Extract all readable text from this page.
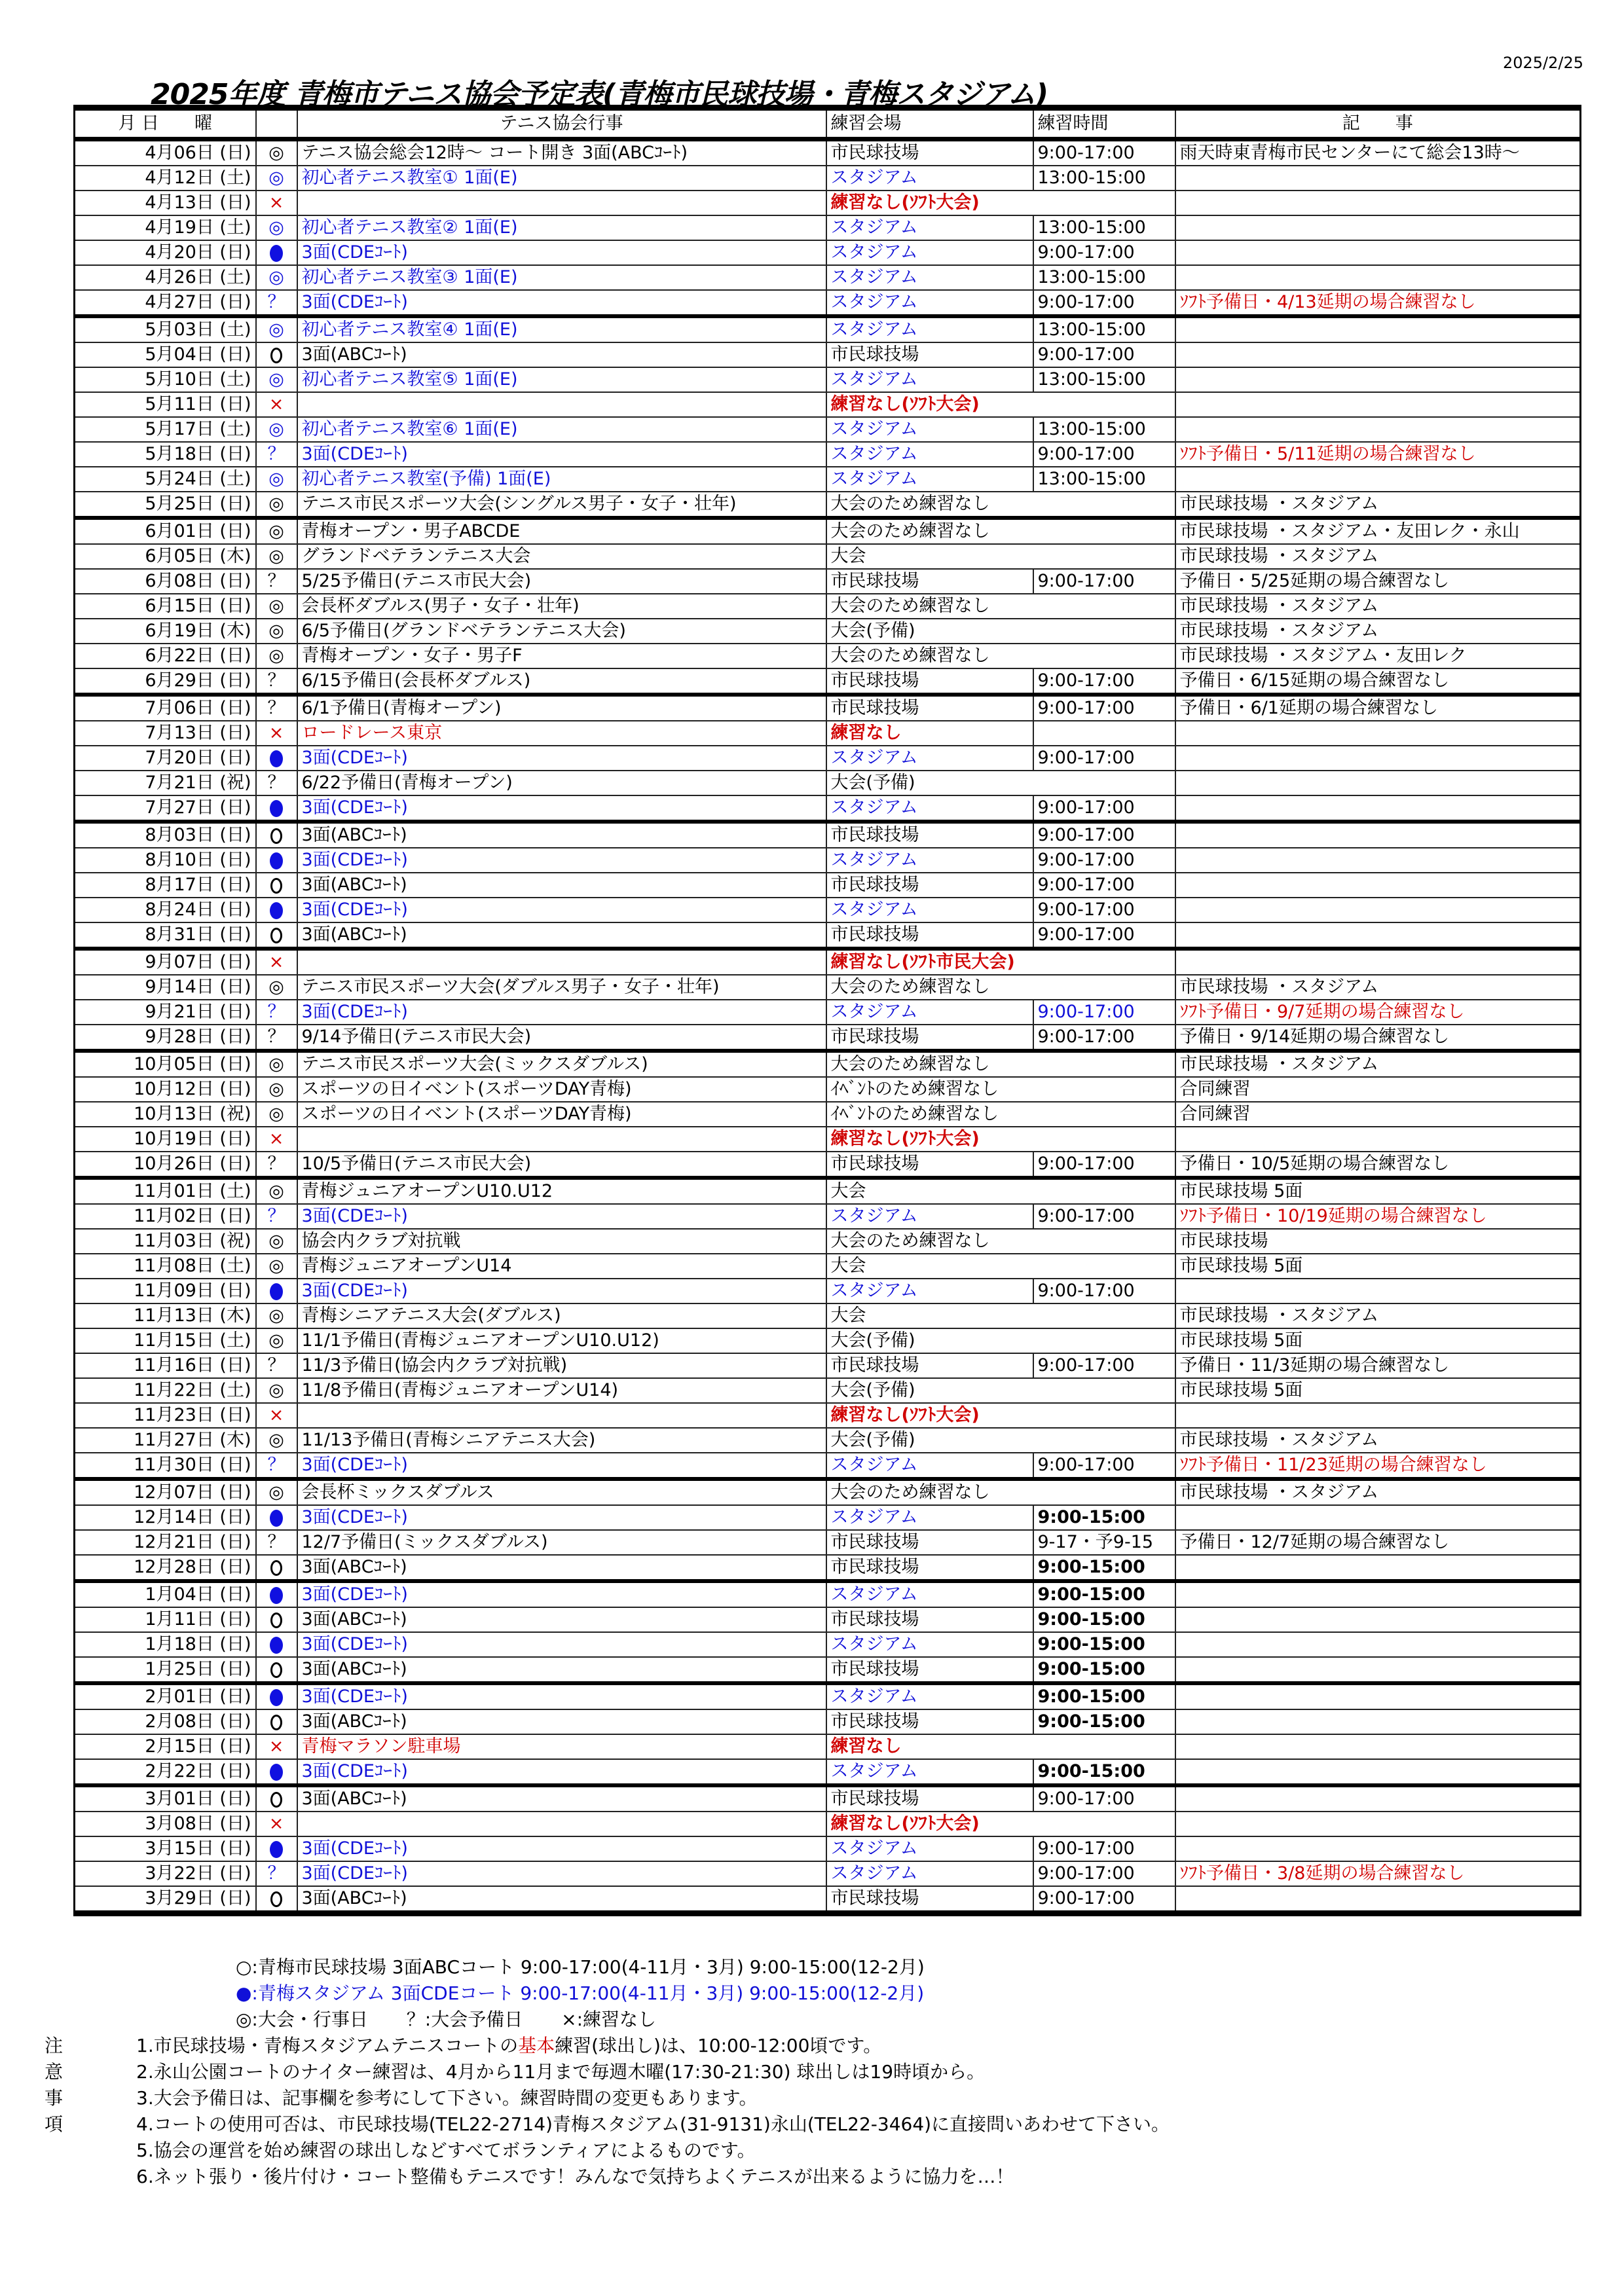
2025/2/25
2025年度 青梅市テニス協会予定表(青梅市民球技場・青梅スタジアム)
月 日　　曜		テニス協会行事	練習会場	練習時間	記　　事
4月06日 (日)	◎	テニス協会総会12時～ コート開き 3面(ABCｺｰﾄ)	市民球技場	9:00-17:00	雨天時東青梅市民センターにて総会13時～
4月12日 (土)	◎	初心者テニス教室① 1面(E)	スタジアム	13:00-15:00	
4月13日 (日)	×		練習なし(ｿﾌﾄ大会)		
4月19日 (土)	◎	初心者テニス教室② 1面(E)	スタジアム	13:00-15:00	
4月20日 (日)		3面(CDEｺｰﾄ)	スタジアム	9:00-17:00	
4月26日 (土)	◎	初心者テニス教室③ 1面(E)	スタジアム	13:00-15:00	
4月27日 (日)	？	3面(CDEｺｰﾄ)	スタジアム	9:00-17:00	ｿﾌﾄ予備日・4/13延期の場合練習なし
5月03日 (土)	◎	初心者テニス教室④ 1面(E)	スタジアム	13:00-15:00	
5月04日 (日)		3面(ABCｺｰﾄ)	市民球技場	9:00-17:00	
5月10日 (土)	◎	初心者テニス教室⑤ 1面(E)	スタジアム	13:00-15:00	
5月11日 (日)	×		練習なし(ｿﾌﾄ大会)		
5月17日 (土)	◎	初心者テニス教室⑥ 1面(E)	スタジアム	13:00-15:00	
5月18日 (日)	？	3面(CDEｺｰﾄ)	スタジアム	9:00-17:00	ｿﾌﾄ予備日・5/11延期の場合練習なし
5月24日 (土)	◎	初心者テニス教室(予備) 1面(E)	スタジアム	13:00-15:00	
5月25日 (日)	◎	テニス市民スポーツ大会(シングルス男子・女子・壮年)	大会のため練習なし		市民球技場 ・スタジアム
6月01日 (日)	◎	青梅オープン・男子ABCDE	大会のため練習なし		市民球技場 ・スタジアム・友田レク・永山
6月05日 (木)	◎	グランドベテランテニス大会	大会		市民球技場 ・スタジアム
6月08日 (日)	？	5/25予備日(テニス市民大会)	市民球技場	9:00-17:00	予備日・5/25延期の場合練習なし
6月15日 (日)	◎	会長杯ダブルス(男子・女子・壮年)	大会のため練習なし		市民球技場 ・スタジアム
6月19日 (木)	◎	6/5予備日(グランドベテランテニス大会)	大会(予備)		市民球技場 ・スタジアム
6月22日 (日)	◎	青梅オープン・女子・男子F	大会のため練習なし		市民球技場 ・スタジアム・友田レク
6月29日 (日)	？	6/15予備日(会長杯ダブルス)	市民球技場	9:00-17:00	予備日・6/15延期の場合練習なし
7月06日 (日)	？	6/1予備日(青梅オープン)	市民球技場	9:00-17:00	予備日・6/1延期の場合練習なし
7月13日 (日)	×	ロードレース東京	練習なし		
7月20日 (日)		3面(CDEｺｰﾄ)	スタジアム	9:00-17:00	
7月21日 (祝)	？	6/22予備日(青梅オープン)	大会(予備)		
7月27日 (日)		3面(CDEｺｰﾄ)	スタジアム	9:00-17:00	
8月03日 (日)		3面(ABCｺｰﾄ)	市民球技場	9:00-17:00	
8月10日 (日)		3面(CDEｺｰﾄ)	スタジアム	9:00-17:00	
8月17日 (日)		3面(ABCｺｰﾄ)	市民球技場	9:00-17:00	
8月24日 (日)		3面(CDEｺｰﾄ)	スタジアム	9:00-17:00	
8月31日 (日)		3面(ABCｺｰﾄ)	市民球技場	9:00-17:00	
9月07日 (日)	×		練習なし(ｿﾌﾄ市民大会)		
9月14日 (日)	◎	テニス市民スポーツ大会(ダブルス男子・女子・壮年)	大会のため練習なし		市民球技場 ・スタジアム
9月21日 (日)	？	3面(CDEｺｰﾄ)	スタジアム	9:00-17:00	ｿﾌﾄ予備日・9/7延期の場合練習なし
9月28日 (日)	？	9/14予備日(テニス市民大会)	市民球技場	9:00-17:00	予備日・9/14延期の場合練習なし
10月05日 (日)	◎	テニス市民スポーツ大会(ミックスダブルス)	大会のため練習なし		市民球技場 ・スタジアム
10月12日 (日)	◎	スポーツの日イベント(スポーツDAY青梅)	ｲﾍﾞﾝﾄのため練習なし		合同練習
10月13日 (祝)	◎	スポーツの日イベント(スポーツDAY青梅)	ｲﾍﾞﾝﾄのため練習なし		合同練習
10月19日 (日)	×		練習なし(ｿﾌﾄ大会)		
10月26日 (日)	？	10/5予備日(テニス市民大会)	市民球技場	9:00-17:00	予備日・10/5延期の場合練習なし
11月01日 (土)	◎	青梅ジュニアオープンU10.U12	大会		市民球技場 5面
11月02日 (日)	？	3面(CDEｺｰﾄ)	スタジアム	9:00-17:00	ｿﾌﾄ予備日・10/19延期の場合練習なし
11月03日 (祝)	◎	協会内クラブ対抗戦	大会のため練習なし		市民球技場
11月08日 (土)	◎	青梅ジュニアオープンU14	大会		市民球技場 5面
11月09日 (日)		3面(CDEｺｰﾄ)	スタジアム	9:00-17:00	
11月13日 (木)	◎	青梅シニアテニス大会(ダブルス)	大会		市民球技場 ・スタジアム
11月15日 (土)	◎	11/1予備日(青梅ジュニアオープンU10.U12)	大会(予備)		市民球技場 5面
11月16日 (日)	？	11/3予備日(協会内クラブ対抗戦)	市民球技場	9:00-17:00	予備日・11/3延期の場合練習なし
11月22日 (土)	◎	11/8予備日(青梅ジュニアオープンU14)	大会(予備)		市民球技場 5面
11月23日 (日)	×		練習なし(ｿﾌﾄ大会)		
11月27日 (木)	◎	11/13予備日(青梅シニアテニス大会)	大会(予備)		市民球技場 ・スタジアム
11月30日 (日)	？	3面(CDEｺｰﾄ)	スタジアム	9:00-17:00	ｿﾌﾄ予備日・11/23延期の場合練習なし
12月07日 (日)	◎	会長杯ミックスダブルス	大会のため練習なし		市民球技場 ・スタジアム
12月14日 (日)		3面(CDEｺｰﾄ)	スタジアム	9:00-15:00	
12月21日 (日)	？	12/7予備日(ミックスダブルス)	市民球技場	9-17・予9-15	予備日・12/7延期の場合練習なし
12月28日 (日)		3面(ABCｺｰﾄ)	市民球技場	9:00-15:00	
1月04日 (日)		3面(CDEｺｰﾄ)	スタジアム	9:00-15:00	
1月11日 (日)		3面(ABCｺｰﾄ)	市民球技場	9:00-15:00	
1月18日 (日)		3面(CDEｺｰﾄ)	スタジアム	9:00-15:00	
1月25日 (日)		3面(ABCｺｰﾄ)	市民球技場	9:00-15:00	
2月01日 (日)		3面(CDEｺｰﾄ)	スタジアム	9:00-15:00	
2月08日 (日)		3面(ABCｺｰﾄ)	市民球技場	9:00-15:00	
2月15日 (日)	×	青梅マラソン駐車場	練習なし		
2月22日 (日)		3面(CDEｺｰﾄ)	スタジアム	9:00-15:00	
3月01日 (日)		3面(ABCｺｰﾄ)	市民球技場	9:00-17:00	
3月08日 (日)	×		練習なし(ｿﾌﾄ大会)		
3月15日 (日)		3面(CDEｺｰﾄ)	スタジアム	9:00-17:00	
3月22日 (日)	？	3面(CDEｺｰﾄ)	スタジアム	9:00-17:00	ｿﾌﾄ予備日・3/8延期の場合練習なし
3月29日 (日)		3面(ABCｺｰﾄ)	市民球技場	9:00-17:00	
○:青梅市民球技場 3面ABCコート 9:00-17:00(4-11月・3月) 9:00-15:00(12-2月)
●:青梅スタジアム 3面CDEコート 9:00-17:00(4-11月・3月) 9:00-15:00(12-2月)
◎:大会・行事日 ？:大会予備日 ×:練習なし
注意事項
1.市民球技場・青梅スタジアムテニスコートの基本練習(球出し)は、10:00-12:00頃です。
2.永山公園コートのナイター練習は、4月から11月まで毎週木曜(17:30-21:30) 球出しは19時頃から。
3.大会予備日は、記事欄を参考にして下さい。練習時間の変更もあります。
4.コートの使用可否は、市民球技場(TEL22-2714)青梅スタジアム(31-9131)永山(TEL22-3464)に直接問いあわせて下さい。
5.協会の運営を始め練習の球出しなどすべてボランティアによるものです。
6.ネット張り・後片付け・コート整備もテニスです！みんなで気持ちよくテニスが出来るように協力を…！
